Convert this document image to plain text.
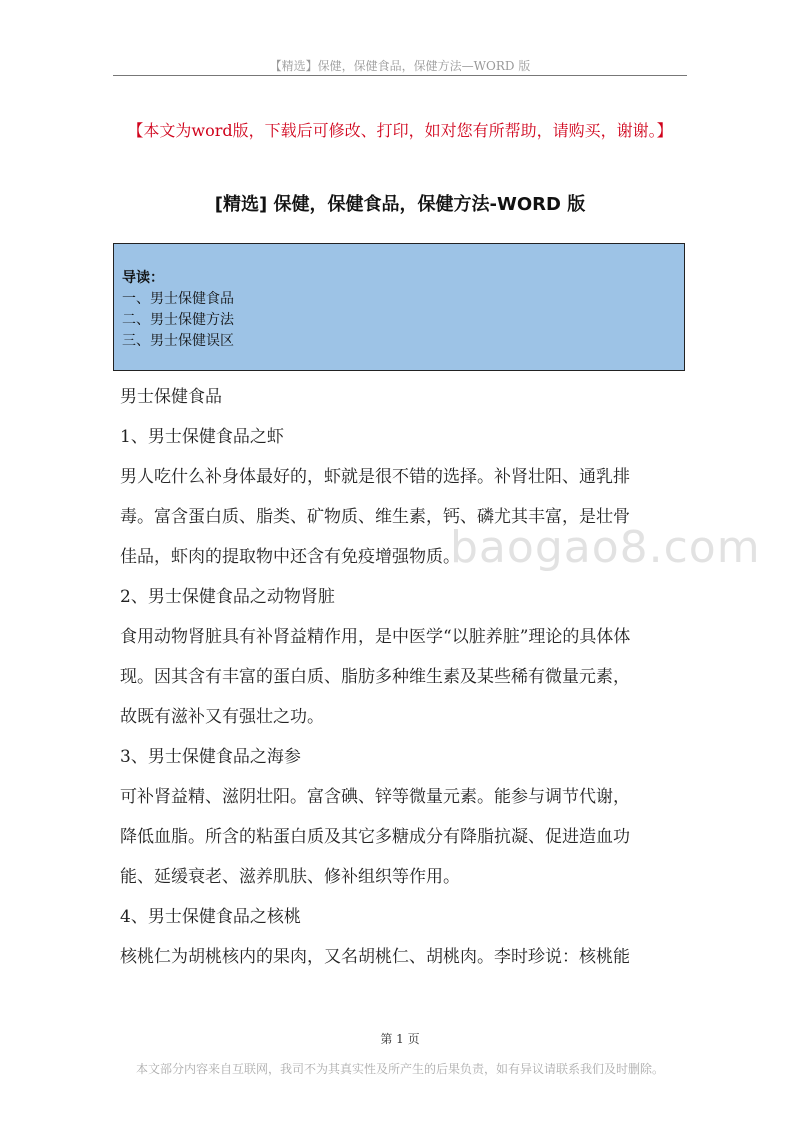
【精选】保健，保健食品，保健方法—WORD 版
【本文为word版，下载后可修改、打印，如对您有所帮助，请购买，谢谢。】
[精选] 保健，保健食品，保健方法-WORD 版
导读：
一、男士保健食品
二、男士保健方法
三、男士保健误区
男士保健食品
1、男士保健食品之虾
男人吃什么补身体最好的，虾就是很不错的选择。补肾壮阳、通乳排
毒。富含蛋白质、脂类、矿物质、维生素，钙、磷尤其丰富，是壮骨
佳品，虾肉的提取物中还含有免疫增强物质。
2、男士保健食品之动物肾脏
食用动物肾脏具有补肾益精作用，是中医学“以脏养脏”理论的具体体
现。因其含有丰富的蛋白质、脂肪多种维生素及某些稀有微量元素，
故既有滋补又有强壮之功。
3、男士保健食品之海参
可补肾益精、滋阴壮阳。富含碘、锌等微量元素。能参与调节代谢，
降低血脂。所含的粘蛋白质及其它多糖成分有降脂抗凝、促进造血功
能、延缓衰老、滋养肌肤、修补组织等作用。
4、男士保健食品之核桃
核桃仁为胡桃核内的果肉，又名胡桃仁、胡桃肉。李时珍说：核桃能
baogao8.com
第 1 页
本文部分内容来自互联网，我司不为其真实性及所产生的后果负责，如有异议请联系我们及时删除。
